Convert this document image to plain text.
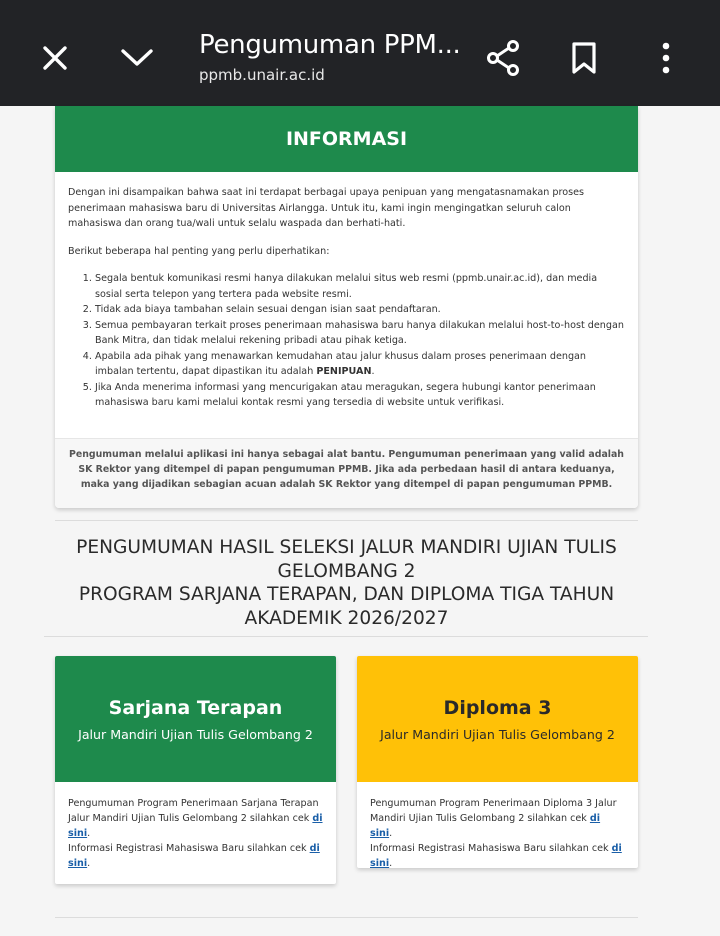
Pengumuman PPM...
ppmb.unair.ac.id
INFORMASI

Dengan ini disampaikan bahwa saat ini terdapat berbagai upaya penipuan yang mengatasnamakan proses penerimaan mahasiswa baru di Universitas Airlangga. Untuk itu, kami ingin mengingatkan seluruh calon mahasiswa dan orang tua/wali untuk selalu waspada dan berhati-hati.

Berikut beberapa hal penting yang perlu diperhatikan:

1. Segala bentuk komunikasi resmi hanya dilakukan melalui situs web resmi (ppmb.unair.ac.id), dan media sosial serta telepon yang tertera pada website resmi.
2. Tidak ada biaya tambahan selain sesuai dengan isian saat pendaftaran.
3. Semua pembayaran terkait proses penerimaan mahasiswa baru hanya dilakukan melalui host-to-host dengan Bank Mitra, dan tidak melalui rekening pribadi atau pihak ketiga.
4. Apabila ada pihak yang menawarkan kemudahan atau jalur khusus dalam proses penerimaan dengan imbalan tertentu, dapat dipastikan itu adalah PENIPUAN.
5. Jika Anda menerima informasi yang mencurigakan atau meragukan, segera hubungi kantor penerimaan mahasiswa baru kami melalui kontak resmi yang tersedia di website untuk verifikasi.
Pengumuman melalui aplikasi ini hanya sebagai alat bantu. Pengumuman penerimaan yang valid adalah SK Rektor yang ditempel di papan pengumuman PPMB. Jika ada perbedaan hasil di antara keduanya, maka yang dijadikan sebagian acuan adalah SK Rektor yang ditempel di papan pengumuman PPMB.
PENGUMUMAN HASIL SELEKSI JALUR MANDIRI UJIAN TULIS
GELOMBANG 2
PROGRAM SARJANA TERAPAN, DAN DIPLOMA TIGA TAHUN
AKADEMIK 2026/2027
Sarjana Terapan
Jalur Mandiri Ujian Tulis Gelombang 2
Pengumuman Program Penerimaan Sarjana Terapan Jalur Mandiri Ujian Tulis Gelombang 2 silahkan cek di sini.
Informasi Registrasi Mahasiswa Baru silahkan cek di sini.
Diploma 3
Jalur Mandiri Ujian Tulis Gelombang 2
Pengumuman Program Penerimaan Diploma 3 Jalur Mandiri Ujian Tulis Gelombang 2 silahkan cek di sini.
Informasi Registrasi Mahasiswa Baru silahkan cek di sini.
